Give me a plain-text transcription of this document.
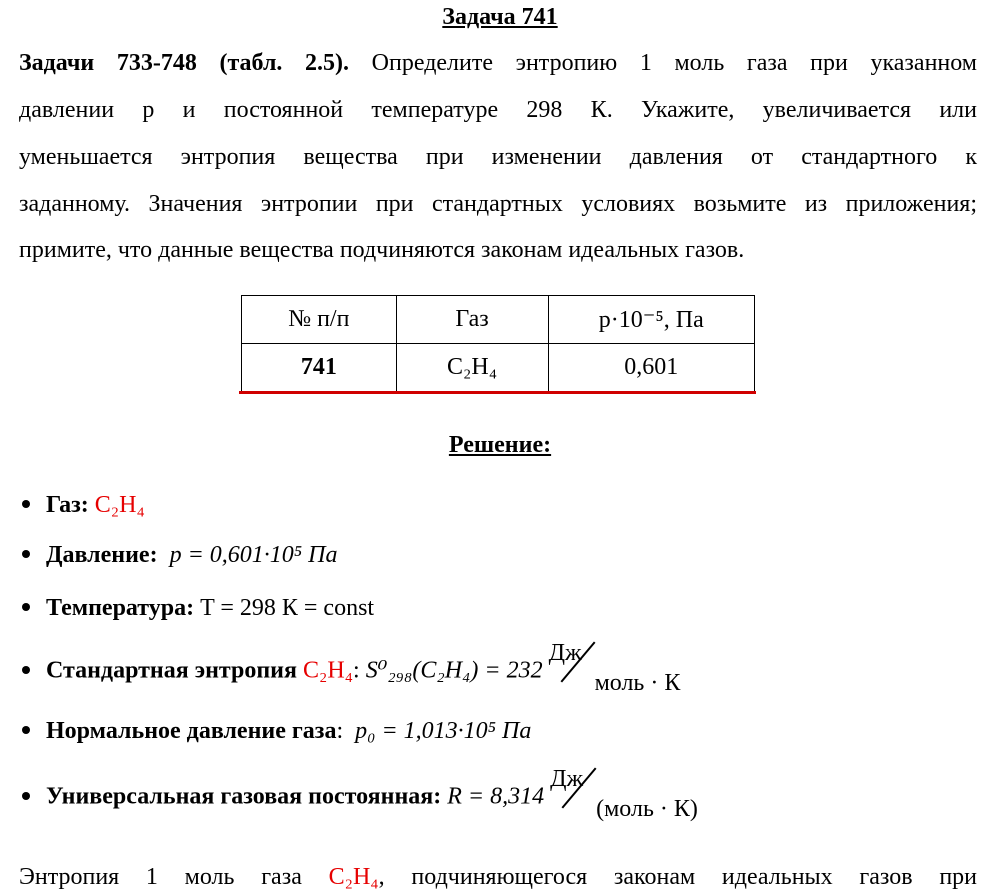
Задача 741
Задачи 733-748 (табл. 2.5). Определите энтропию 1 моль газа при указанном
давлении p и постоянной температуре 298 К. Укажите, увеличивается или
уменьшается энтропия вещества при изменении давления от стандартного к
заданному. Значения энтропии при стандартных условиях возьмите из приложения;
примите, что данные вещества подчиняются законам идеальных газов.
№ п/п	Газ	p·10⁻⁵, Па
741	C₂H₄	0,601
Решение:
Газ: C₂H₄
Давление: p = 0,601·10⁵ Па
Температура: T = 298 К = const
Стандартная энтропия C₂H₄: S⁰₂₉₈(C₂H₄) = 232
Дж
моль · К
Нормальное давление газа: p₀ = 1,013·10⁵ Па
Универсальная газовая постоянная: R = 8,314
Дж
(моль · К)
Энтропия 1 моль газа C₂H₄, подчиняющегося законам идеальных газов при
